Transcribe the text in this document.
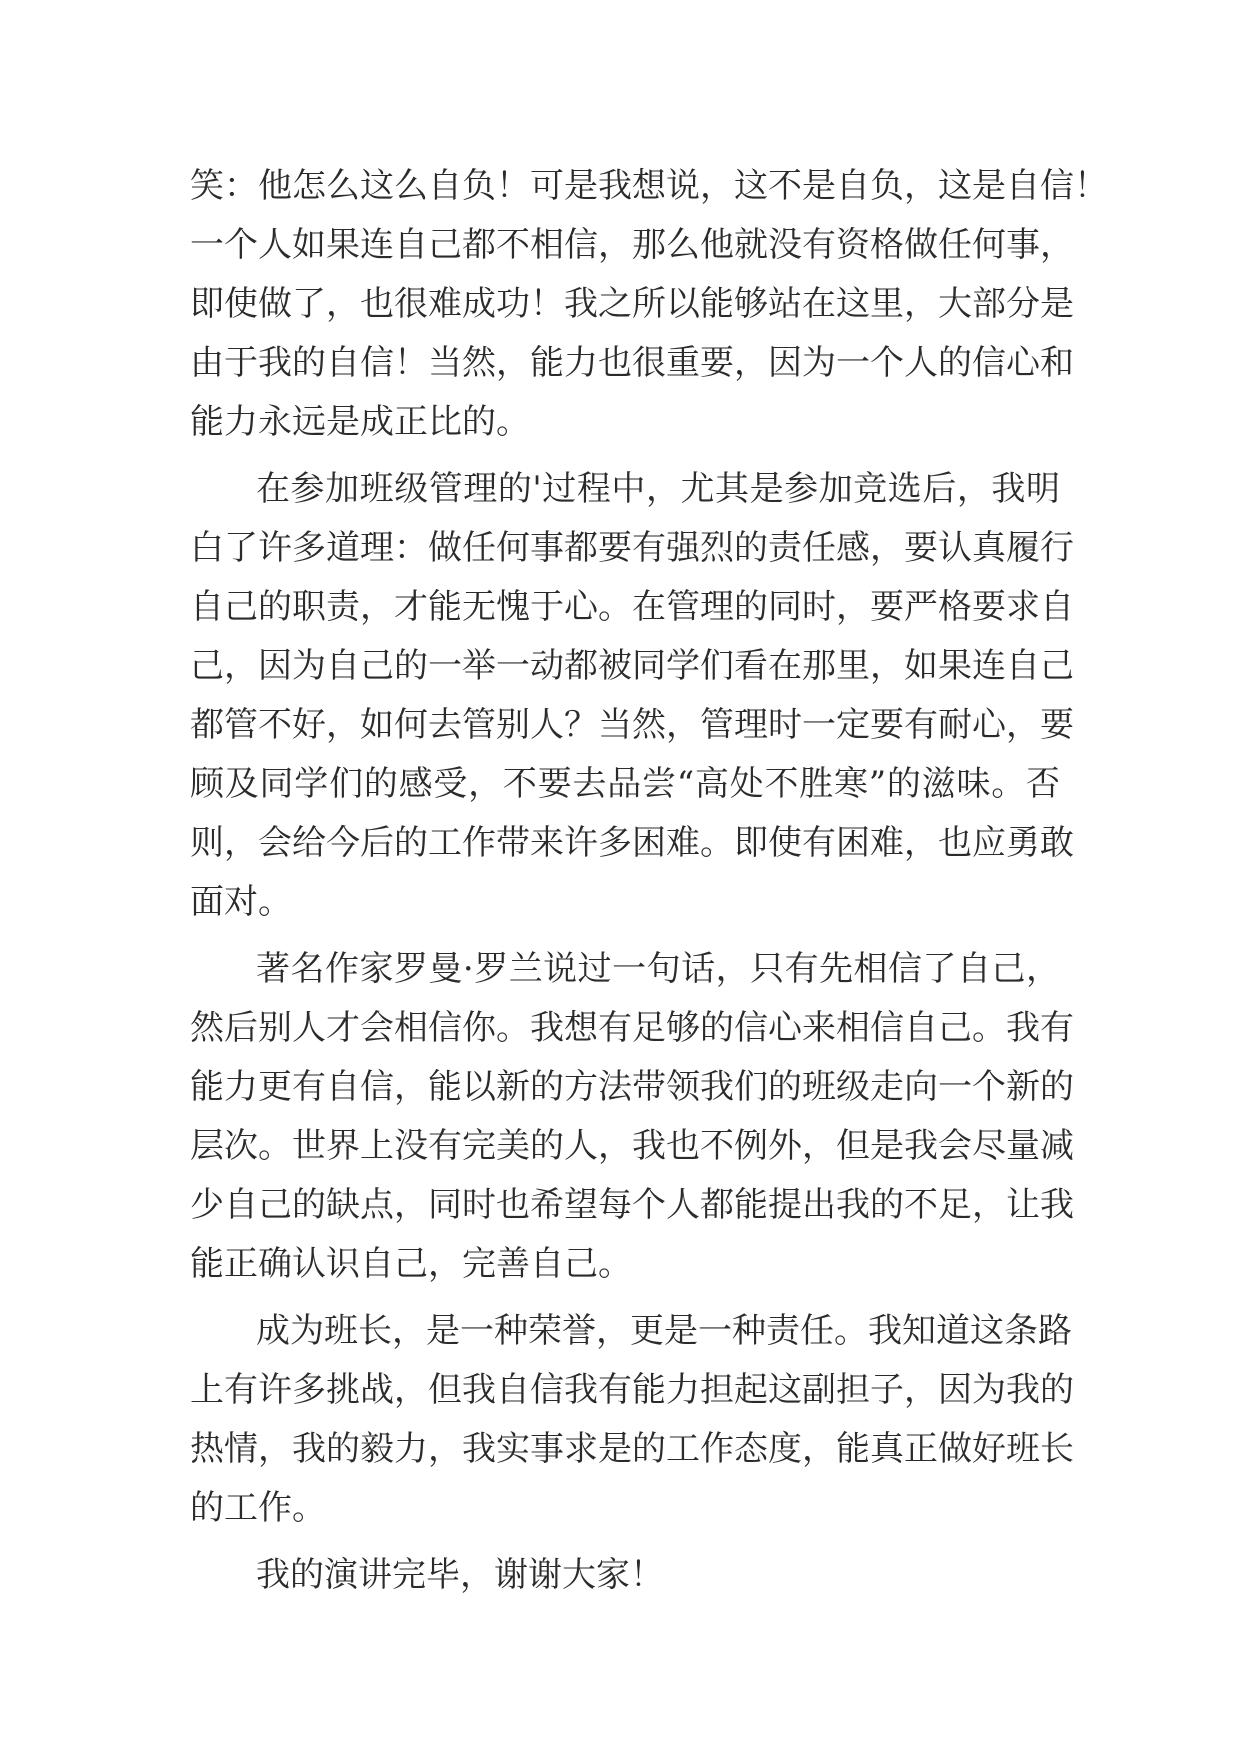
笑：他怎么这么自负！可是我想说，这不是自负，这是自信！
一个人如果连自己都不相信，那么他就没有资格做任何事，
即使做了，也很难成功！我之所以能够站在这里，大部分是
由于我的自信！当然，能力也很重要，因为一个人的信心和
能力永远是成正比的。
在参加班级管理的'过程中，尤其是参加竞选后，我明
白了许多道理：做任何事都要有强烈的责任感，要认真履行
自己的职责，才能无愧于心。在管理的同时，要严格要求自
己，因为自己的一举一动都被同学们看在那里，如果连自己
都管不好，如何去管别人？当然，管理时一定要有耐心，要
顾及同学们的感受，不要去品尝“高处不胜寒”的滋味。否
则，会给今后的工作带来许多困难。即使有困难，也应勇敢
面对。
著名作家罗曼·罗兰说过一句话，只有先相信了自己，
然后别人才会相信你。我想有足够的信心来相信自己。我有
能力更有自信，能以新的方法带领我们的班级走向一个新的
层次。世界上没有完美的人，我也不例外，但是我会尽量减
少自己的缺点，同时也希望每个人都能提出我的不足，让我
能正确认识自己，完善自己。
成为班长，是一种荣誉，更是一种责任。我知道这条路
上有许多挑战，但我自信我有能力担起这副担子，因为我的
热情，我的毅力，我实事求是的工作态度，能真正做好班长
的工作。
我的演讲完毕，谢谢大家！
